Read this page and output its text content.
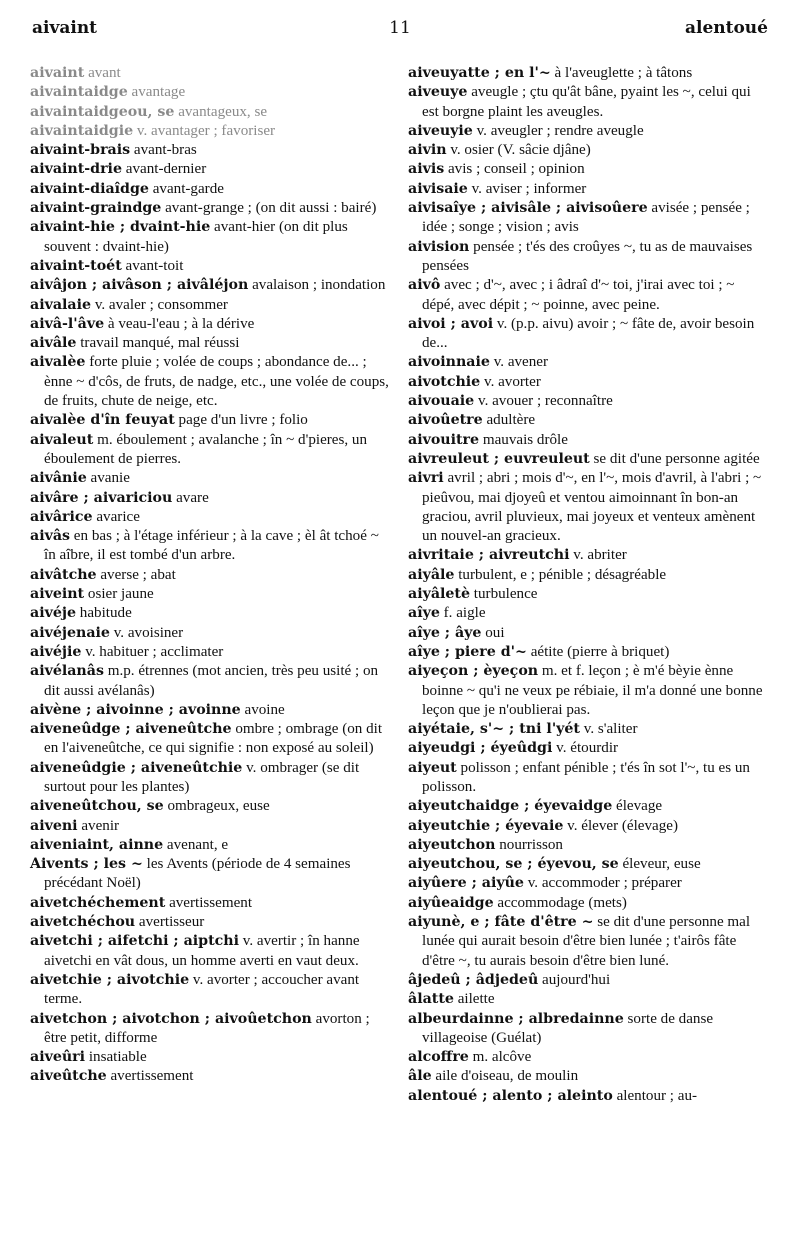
aivaint	11	alentoué

aivaint avant

aivaintaidge avantage

aivaintaidgeou, se avantageux, se

aivaintaidgie v. avantager ; favoriser

aivaint-brais avant-bras

aivaint-drie avant-dernier

aivaint-diaîdge avant-garde

aivaint-graindge avant-grange ; (on dit aussi : bairé)

aivaint-hie ; dvaint-hie avant-hier (on dit plus souvent : dvaint-hie)

aivaint-toét avant-toit

aivâjon ; aivâson ; aivâléjon avalaison ; inondation

aivalaie v. avaler ; consommer

aivâ-l'âve à veau-l'eau ; à la dérive

aivâle travail manqué, mal réussi

aivalèe forte pluie ; volée de coups ; abondance de... ; ènne ~ d'côs, de fruts, de nadge, etc., une volée de coups, de fruits, chute de neige, etc.

aivalèe d'în feuyat page d'un livre ; folio

aivaleut m. éboulement ; avalanche ; în ~ d'pieres, un éboulement de pierres.

aivânie avanie

aivâre ; aivariciou avare

aivârice avarice

aivâs en bas ; à l'étage inférieur ; à la cave ; èl ât tchoé ~ în aîbre, il est tombé d'un arbre.

aivâtche averse ; abat

aiveint osier jaune

aivéje habitude

aivéjenaie v. avoisiner

aivéjie v. habituer ; acclimater

aivélanâs m.p. étrennes (mot ancien, très peu usité ; on dit aussi avélanâs)

aivène ; aivoinne ; avoinne avoine

aiveneûdge ; aiveneûtche ombre ; ombrage (on dit en l'aiveneûtche, ce qui signifie : non exposé au soleil)

aiveneûdgie ; aiveneûtchie v. ombrager (se dit surtout pour les plantes)

aiveneûtchou, se ombrageux, euse

aiveni avenir

aiveniaint, ainne avenant, e

Aivents ; les ~ les Avents (période de 4 semaines précédant Noël)

aivetchéchement avertissement

aivetchéchou avertisseur

aivetchi ; aifetchi ; aiptchi v. avertir ; în hanne aivetchi en vât dous, un homme averti en vaut deux.

aivetchie ; aivotchie v. avorter ; accoucher avant terme.

aivetchon ; aivotchon ; aivoûetchon avorton ; être petit, difforme

aiveûri insatiable

aiveûtche avertissement

aiveuyatte ; en l'~ à l'aveuglette ; à tâtons

aiveuye aveugle ; çtu qu'ât bâne, pyaint les ~, celui qui est borgne plaint les aveugles.

aiveuyie v. aveugler ; rendre aveugle

aivin v. osier (V. sâcie djâne)

aivis avis ; conseil ; opinion

aivisaie v. aviser ; informer

aivisaîye ; aivisâle ; aivisoûere avisée ; pensée ; idée ; songe ; vision ; avis

aivision pensée ; t'és des croûyes ~, tu as de mauvaises pensées

aivô avec ; d'~, avec ; i âdraî d'~ toi, j'irai avec toi ; ~ dépé, avec dépit ; ~ poinne, avec peine.

aivoi ; avoi v. (p.p. aivu) avoir ; ~ fâte de, avoir besoin de...

aivoinnaie v. avener

aivotchie v. avorter

aivouaie v. avouer ; reconnaître

aivoûetre adultère

aivouitre mauvais drôle

aivreuleut ; euvreuleut se dit d'une personne agitée

aivri avril ; abri ; mois d'~, en l'~, mois d'avril, à l'abri ; ~ pieûvou, mai djoyeû et ventou aimoinnant în bon-an graciou, avril pluvieux, mai joyeux et venteux amènent un nouvel-an gracieux.

aivritaie ; aivreutchi v. abriter

aiyâle turbulent, e ; pénible ; désagréable

aiyâletè turbulence

aîye f. aigle

aîye ; âye oui

aîye ; piere d'~ aétite (pierre à briquet)

aiyeçon ; èyeçon m. et f. leçon ; è m'é bèyie ènne boinne ~ qu'i ne veux pe rébiaie, il m'a donné une bonne leçon que je n'oublierai pas.

aiyétaie, s'~ ; tni l'yét v. s'aliter

aiyeudgi ; éyeûdgi v. étourdir

aiyeut polisson ; enfant pénible ; t'és în sot l'~, tu es un polisson.

aiyeutchaidge ; éyevaidge élevage

aiyeutchie ; éyevaie v. élever (élevage)

aiyeutchon nourrisson

aiyeutchou, se ; éyevou, se éleveur, euse

aiyûere ; aiyûe v. accommoder ; préparer

aiyûeaidge accommodage (mets)

aiyunè, e ; fâte d'être ~ se dit d'une personne mal lunée qui aurait besoin d'être bien lunée ; t'airôs fâte d'être ~, tu aurais besoin d'être bien luné.

âjedeû ; âdjedeû aujourd'hui

âlatte ailette

albeurdainne ; albredainne sorte de danse villageoise (Guélat)

alcoffre m. alcôve

âle aile d'oiseau, de moulin

alentoué ; alento ; aleinto alentour ; au-
